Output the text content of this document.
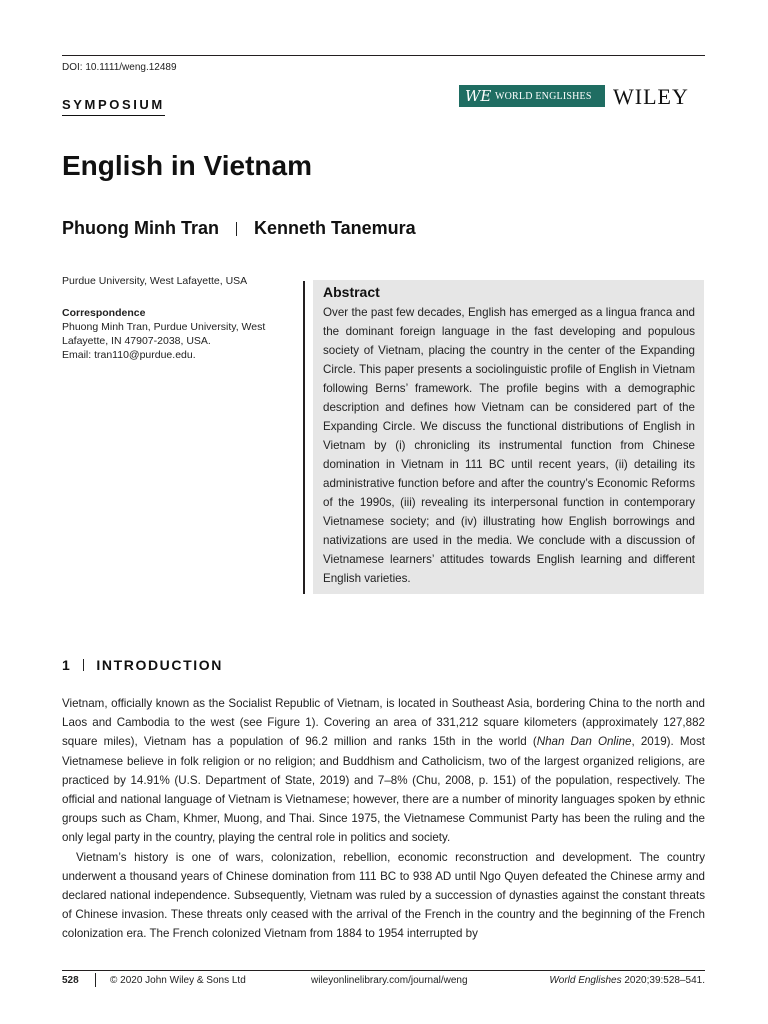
DOI: 10.1111/weng.12489
SYMPOSIUM	WE WORLD ENGLISHES WILEY
English in Vietnam
Phuong Minh Tran Kenneth Tanemura
Purdue University, West Lafayette, USA
Correspondence
Phuong Minh Tran, Purdue University, West Lafayette, IN 47907-2038, USA.
Email: tran110@purdue.edu.
Abstract
Over the past few decades, English has emerged as a lingua franca and the dominant foreign language in the fast developing and populous society of Vietnam, placing the country in the center of the Expanding Circle. This paper presents a sociolinguistic profile of English in Vietnam following Berns’ framework. The profile begins with a demographic description and defines how Vietnam can be considered part of the Expanding Circle. We discuss the functional distributions of English in Vietnam by (i) chronicling its instrumental function from Chinese domination in Vietnam in 111 BC until recent years, (ii) detailing its administrative function before and after the country’s Economic Reforms of the 1990s, (iii) revealing its interpersonal function in contemporary Vietnamese society; and (iv) illustrating how English borrowings and nativizations are used in the media. We conclude with a discussion of Vietnamese learners’ attitudes towards English learning and different English varieties.
1 INTRODUCTION

Vietnam, officially known as the Socialist Republic of Vietnam, is located in Southeast Asia, bordering China to the north and Laos and Cambodia to the west (see Figure 1). Covering an area of 331,212 square kilometers (approximately 127,882 square miles), Vietnam has a population of 96.2 million and ranks 15th in the world (Nhan Dan Online, 2019). Most Vietnamese believe in folk religion or no religion; and Buddhism and Catholicism, two of the largest organized religions, are practiced by 14.91% (U.S. Department of State, 2019) and 7–8% (Chu, 2008, p. 151) of the population, respectively. The official and national language of Vietnam is Vietnamese; however, there are a number of minority languages spoken by ethnic groups such as Cham, Khmer, Muong, and Thai. Since 1975, the Vietnamese Communist Party has been the ruling and the only legal party in the country, playing the central role in politics and society.

Vietnam’s history is one of wars, colonization, rebellion, economic reconstruction and development. The country underwent a thousand years of Chinese domination from 111 BC to 938 AD until Ngo Quyen defeated the Chinese army and declared national independence. Subsequently, Vietnam was ruled by a succession of dynasties against the constant threats of Chinese invasion. These threats only ceased with the arrival of the French in the country and the beginning of the French colonization era. The French colonized Vietnam from 1884 to 1954 interrupted by

528	© 2020 John Wiley & Sons Ltd	wileyonlinelibrary.com/journal/weng	World Englishes 2020;39:528–541.
